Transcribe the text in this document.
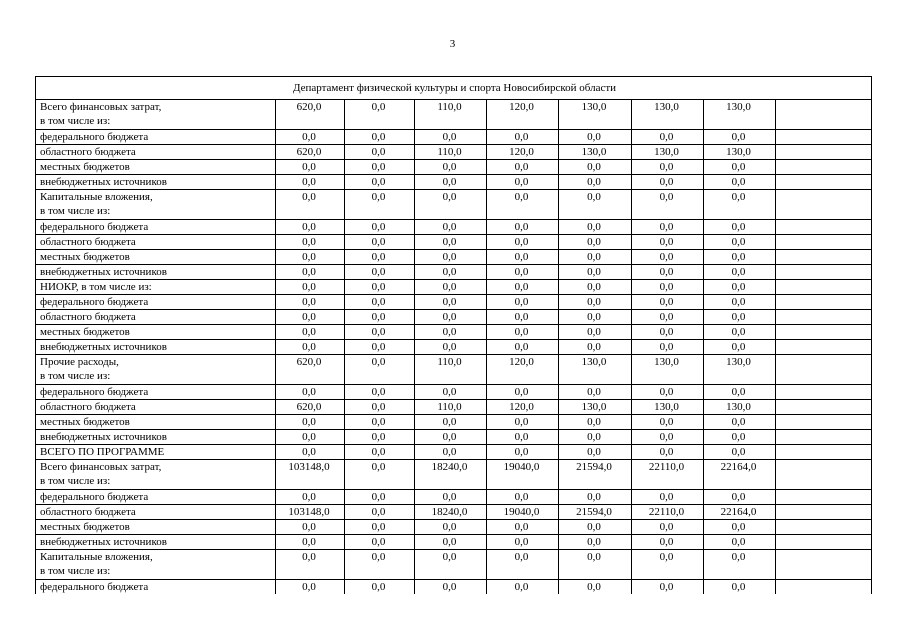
3
Департамент физической культуры и спорта Новосибирской области								

Всего финансовых затрат,
в том числе из:	620,0	0,0	110,0	120,0	130,0	130,0	130,0	

федерального бюджета	0,0	0,0	0,0	0,0	0,0	0,0	0,0	

областного бюджета	620,0	0,0	110,0	120,0	130,0	130,0	130,0	

местных бюджетов	0,0	0,0	0,0	0,0	0,0	0,0	0,0	

внебюджетных источников	0,0	0,0	0,0	0,0	0,0	0,0	0,0	

Капитальные вложения,
в том числе из:	0,0	0,0	0,0	0,0	0,0	0,0	0,0	

федерального бюджета	0,0	0,0	0,0	0,0	0,0	0,0	0,0	

областного бюджета	0,0	0,0	0,0	0,0	0,0	0,0	0,0	

местных бюджетов	0,0	0,0	0,0	0,0	0,0	0,0	0,0	

внебюджетных источников	0,0	0,0	0,0	0,0	0,0	0,0	0,0	

НИОКР, в том числе из:	0,0	0,0	0,0	0,0	0,0	0,0	0,0	

федерального бюджета	0,0	0,0	0,0	0,0	0,0	0,0	0,0	

областного бюджета	0,0	0,0	0,0	0,0	0,0	0,0	0,0	

местных бюджетов	0,0	0,0	0,0	0,0	0,0	0,0	0,0	

внебюджетных источников	0,0	0,0	0,0	0,0	0,0	0,0	0,0	

Прочие расходы,
в том числе из:	620,0	0,0	110,0	120,0	130,0	130,0	130,0	

федерального бюджета	0,0	0,0	0,0	0,0	0,0	0,0	0,0	

областного бюджета	620,0	0,0	110,0	120,0	130,0	130,0	130,0	

местных бюджетов	0,0	0,0	0,0	0,0	0,0	0,0	0,0	

внебюджетных источников	0,0	0,0	0,0	0,0	0,0	0,0	0,0	

ВСЕГО ПО ПРОГРАММЕ	0,0	0,0	0,0	0,0	0,0	0,0	0,0	

Всего финансовых затрат,
в том числе из:	103148,0	0,0	18240,0	19040,0	21594,0	22110,0	22164,0	

федерального бюджета	0,0	0,0	0,0	0,0	0,0	0,0	0,0	

областного бюджета	103148,0	0,0	18240,0	19040,0	21594,0	22110,0	22164,0	

местных бюджетов	0,0	0,0	0,0	0,0	0,0	0,0	0,0	

внебюджетных источников	0,0	0,0	0,0	0,0	0,0	0,0	0,0	

Капитальные вложения,
в том числе из:	0,0	0,0	0,0	0,0	0,0	0,0	0,0	

федерального бюджета	0,0	0,0	0,0	0,0	0,0	0,0	0,0	
